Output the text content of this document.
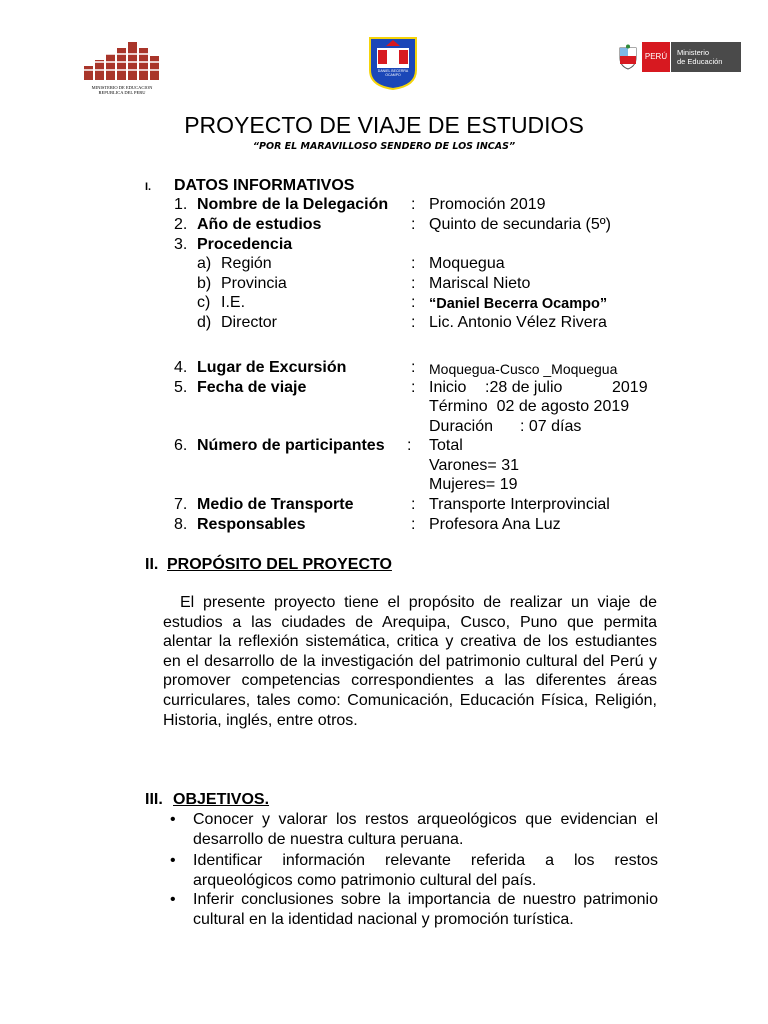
MINISTERIO DE EDUCACION
REPUBLICA DEL PERU
DANIEL BECERRA
OCAMPO
PERÚ	Ministerio
de Educación
PROYECTO DE VIAJE DE ESTUDIOS
“POR EL MARAVILLOSO SENDERO DE LOS INCAS”
I. DATOS INFORMATIVOS
1. Nombre de la Delegación : Promoción 2019
2. Año de estudios	: Quinto de secundaria (5º)
3. Procedencia
a) Región	: Moquegua
b) Provincia	: Mariscal Nieto
c) I.E.	: “Daniel Becerra Ocampo”
d) Director	: Lic. Antonio Vélez Rivera
4. Lugar de Excursión	: Moquegua-Cusco _Moquegua
5. Fecha de viaje	: Inicio :28 de julio	2019
Término  02 de agosto 2019
Duración : 07 días
6. Número de participantes : Total
Varones= 31
Mujeres= 19
7. Medio de Transporte	: Transporte Interprovincial
8. Responsables	: Profesora Ana Luz
II. PROPÓSITO DEL PROYECTO
El presente proyecto tiene el propósito de realizar un viaje de estudios a las ciudades de Arequipa, Cusco, Puno que permita alentar la reflexión sistemática, critica y creativa de los estudiantes en el desarrollo de la investigación del patrimonio cultural del Perú y promover competencias correspondientes a las diferentes áreas curriculares, tales como: Comunicación, Educación Física, Religión, Historia, inglés, entre otros.
III. OBJETIVOS.
• Conocer y valorar los restos arqueológicos que evidencian el desarrollo de nuestra cultura peruana.
• Identificar información relevante referida a los restos arqueológicos como patrimonio cultural del país.
• Inferir conclusiones sobre la importancia de nuestro patrimonio cultural en la identidad nacional y promoción turística.
